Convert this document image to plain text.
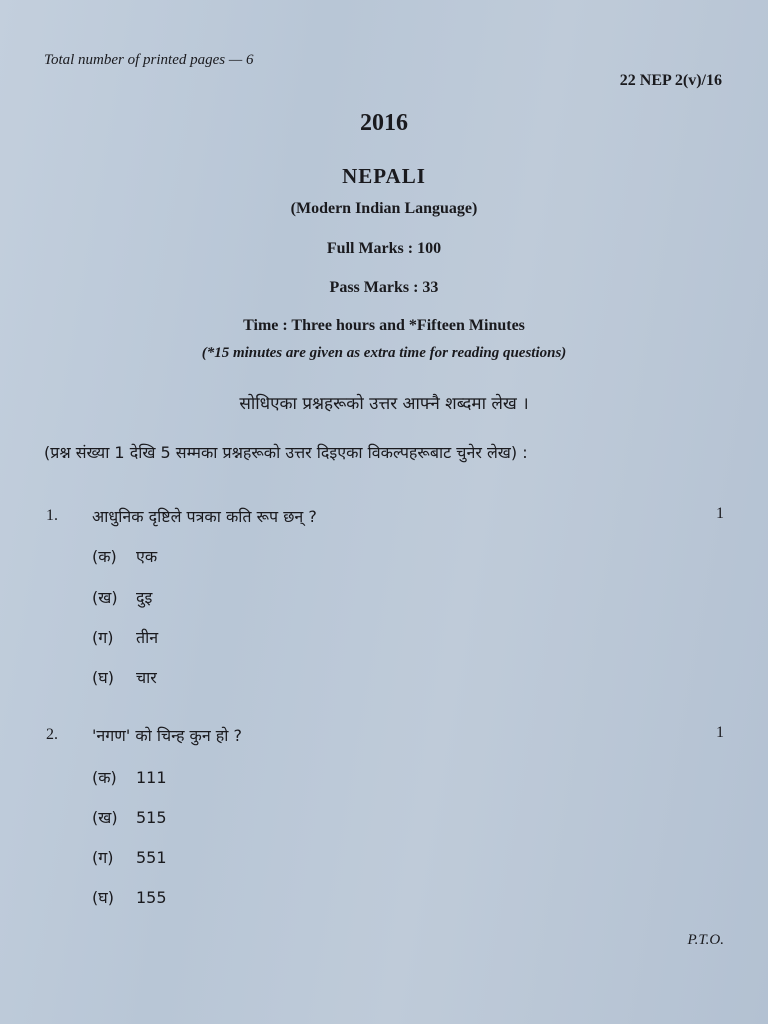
Total number of printed pages — 6
22 NEP 2(v)/16
2016
NEPALI
(Modern Indian Language)
Full Marks : 100
Pass Marks : 33
Time : Three hours and *Fifteen Minutes
(*15 minutes are given as extra time for reading questions)
सोधिएका प्रश्नहरूको उत्तर आफ्नै शब्दमा लेख ।
(प्रश्न संख्या 1 देखि 5 सम्मका प्रश्नहरूको उत्तर दिइएका विकल्पहरूबाट चुनेर लेख) :
1. आधुनिक दृष्टिले पत्रका कति रूप छन् ?	1
(क) एक
(ख) दुइ
(ग) तीन
(घ) चार
2. 'नगण' को चिन्ह कुन हो ?	1
(क) 111
(ख) 515
(ग) 551
(घ) 155
P.T.O.
